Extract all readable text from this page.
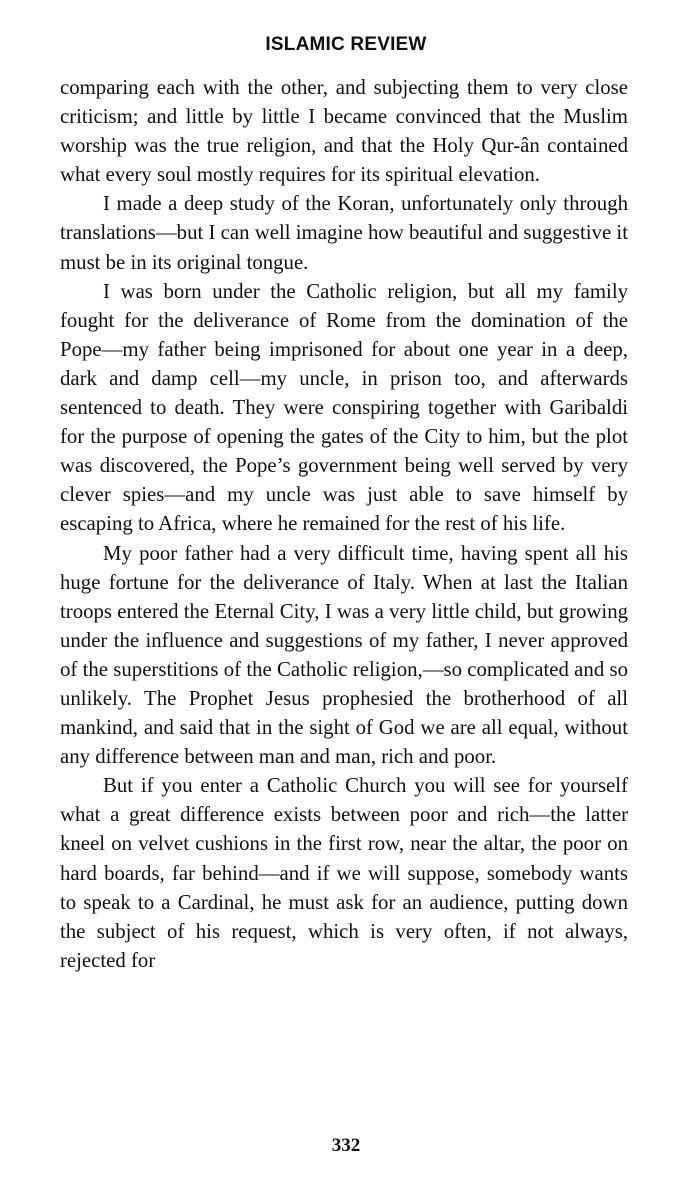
ISLAMIC REVIEW

comparing each with the other, and subjecting them to very close criticism; and little by little I became convinced that the Muslim worship was the true religion, and that the Holy Qur-ân contained what every soul mostly requires for its spiritual elevation.

I made a deep study of the Koran, unfortunately only through translations—but I can well imagine how beautiful and suggestive it must be in its original tongue.

I was born under the Catholic religion, but all my family fought for the deliverance of Rome from the domination of the Pope—my father being imprisoned for about one year in a deep, dark and damp cell—my uncle, in prison too, and afterwards sentenced to death. They were conspiring together with Garibaldi for the purpose of opening the gates of the City to him, but the plot was discovered, the Pope’s government being well served by very clever spies—and my uncle was just able to save himself by escaping to Africa, where he remained for the rest of his life.

My poor father had a very difficult time, having spent all his huge fortune for the deliverance of Italy. When at last the Italian troops entered the Eternal City, I was a very little child, but growing under the influence and suggestions of my father, I never approved of the superstitions of the Catholic religion,—so complicated and so unlikely. The Prophet Jesus prophesied the brotherhood of all mankind, and said that in the sight of God we are all equal, without any difference between man and man, rich and poor.

But if you enter a Catholic Church you will see for yourself what a great difference exists between poor and rich—the latter kneel on velvet cushions in the first row, near the altar, the poor on hard boards, far behind—and if we will suppose, somebody wants to speak to a Cardinal, he must ask for an audience, putting down the subject of his request, which is very often, if not always, rejected for

332
